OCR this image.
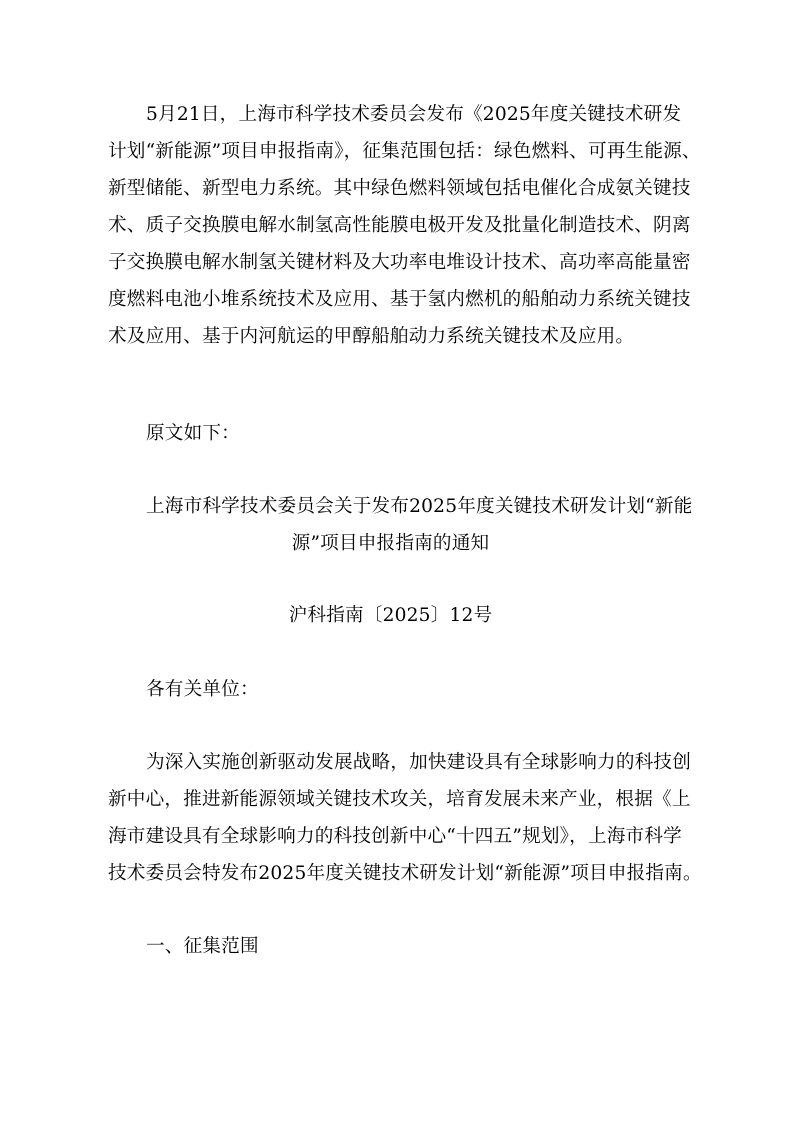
5月21日，上海市科学技术委员会发布《2025年度关键技术研发
计划“新能源”项目申报指南》，征集范围包括：绿色燃料、可再生能源、
新型储能、新型电力系统。其中绿色燃料领域包括电催化合成氨关键技
术、质子交换膜电解水制氢高性能膜电极开发及批量化制造技术、阴离
子交换膜电解水制氢关键材料及大功率电堆设计技术、高功率高能量密
度燃料电池小堆系统技术及应用、基于氢内燃机的船舶动力系统关键技
术及应用、基于内河航运的甲醇船舶动力系统关键技术及应用。
原文如下：
上海市科学技术委员会关于发布2025年度关键技术研发计划“新能
源”项目申报指南的通知
沪科指南〔2025〕12号
各有关单位：
为深入实施创新驱动发展战略，加快建设具有全球影响力的科技创
新中心，推进新能源领域关键技术攻关，培育发展未来产业，根据《上
海市建设具有全球影响力的科技创新中心“十四五”规划》，上海市科学
技术委员会特发布2025年度关键技术研发计划“新能源”项目申报指南。
一、征集范围
